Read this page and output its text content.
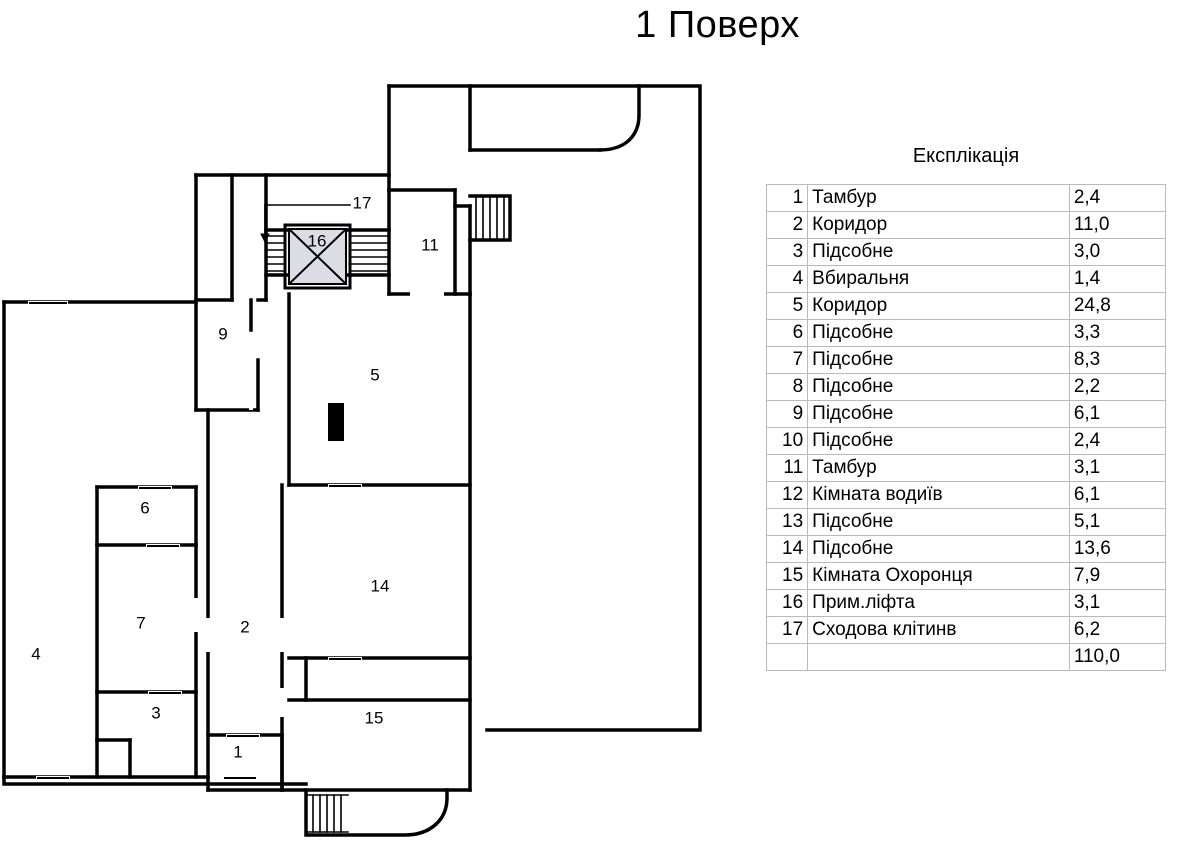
1 Поверх
1
2
3
4
5
6
7
9
11
14
15
16
17
Експлікація
1	Тамбур	2,4
2	Коридор	11,0
3	Підсобне	3,0
4	Вбиральня	1,4
5	Коридор	24,8
6	Підсобне	3,3
7	Підсобне	8,3
8	Підсобне	2,2
9	Підсобне	6,1
10	Підсобне	2,4
11	Тамбур	3,1
12	Кімната водиїв	6,1
13	Підсобне	5,1
14	Підсобне	13,6
15	Кімната Охоронця	7,9
16	Прим.ліфта	3,1
17	Сходова клітинв	6,2
		110,0
